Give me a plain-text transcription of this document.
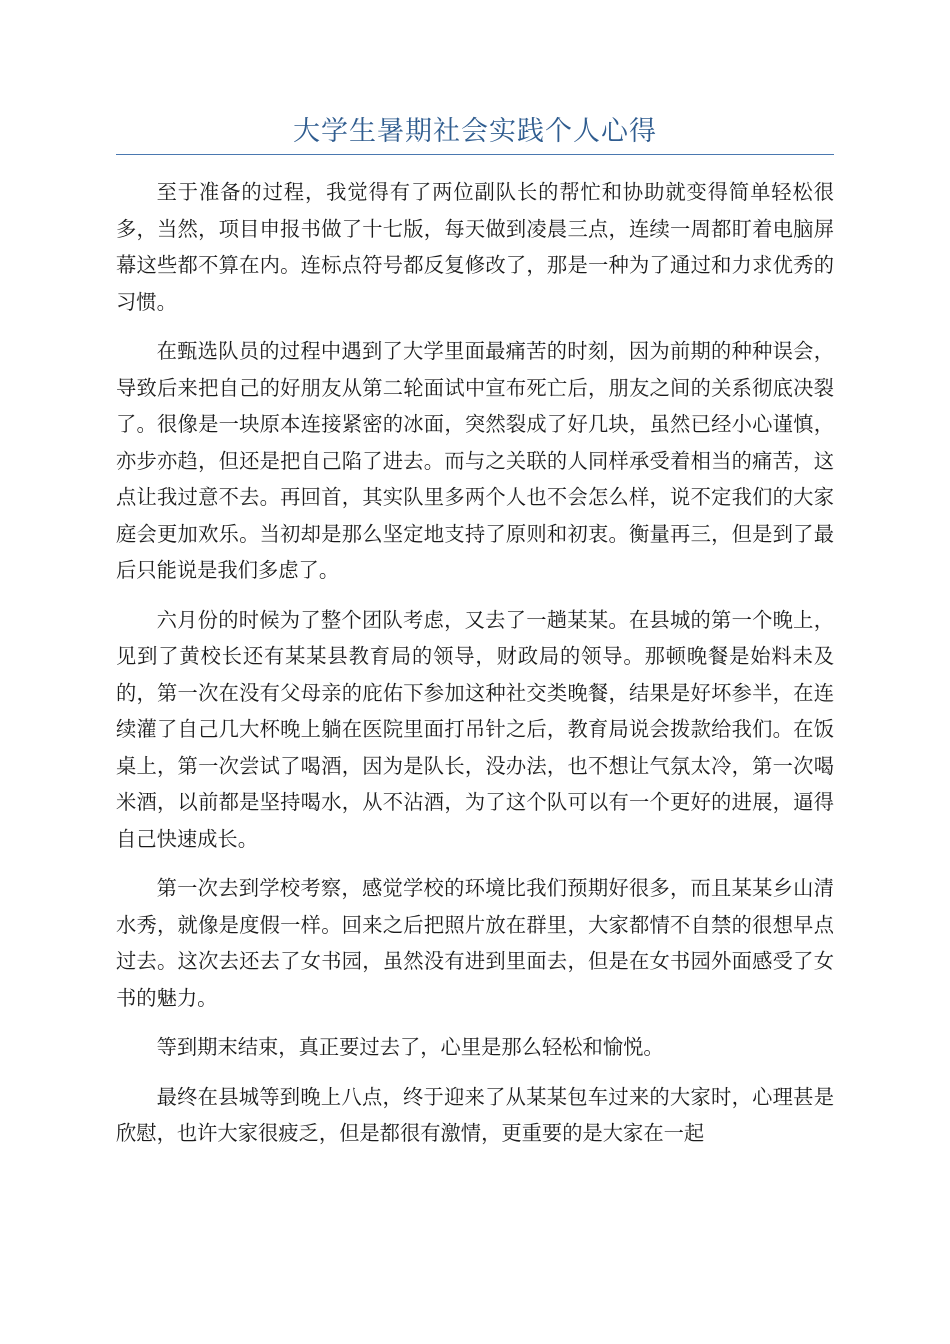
大学生暑期社会实践个人心得

至于准备的过程，我觉得有了两位副队长的帮忙和协助就变得简单轻松很多，当然，项目申报书做了十七版，每天做到凌晨三点，连续一周都盯着电脑屏幕这些都不算在内。连标点符号都反复修改了，那是一种为了通过和力求优秀的习惯。

在甄选队员的过程中遇到了大学里面最痛苦的时刻，因为前期的种种误会，导致后来把自己的好朋友从第二轮面试中宣布死亡后，朋友之间的关系彻底决裂了。很像是一块原本连接紧密的冰面，突然裂成了好几块，虽然已经小心谨慎，亦步亦趋，但还是把自己陷了进去。而与之关联的人同样承受着相当的痛苦，这点让我过意不去。再回首，其实队里多两个人也不会怎么样，说不定我们的大家庭会更加欢乐。当初却是那么坚定地支持了原则和初衷。衡量再三，但是到了最后只能说是我们多虑了。

六月份的时候为了整个团队考虑，又去了一趟某某。在县城的第一个晚上，见到了黄校长还有某某县教育局的领导，财政局的领导。那顿晚餐是始料未及的，第一次在没有父母亲的庇佑下参加这种社交类晚餐，结果是好坏参半，在连续灌了自己几大杯晚上躺在医院里面打吊针之后，教育局说会拨款给我们。在饭桌上，第一次尝试了喝酒，因为是队长，没办法，也不想让气氛太冷，第一次喝米酒，以前都是坚持喝水，从不沾酒，为了这个队可以有一个更好的进展，逼得自己快速成长。

第一次去到学校考察，感觉学校的环境比我们预期好很多，而且某某乡山清水秀，就像是度假一样。回来之后把照片放在群里，大家都情不自禁的很想早点过去。这次去还去了女书园，虽然没有进到里面去，但是在女书园外面感受了女书的魅力。

等到期末结束，真正要过去了，心里是那么轻松和愉悦。

最终在县城等到晚上八点，终于迎来了从某某包车过来的大家时，心理甚是欣慰，也许大家很疲乏，但是都很有激情，更重要的是大家在一起
